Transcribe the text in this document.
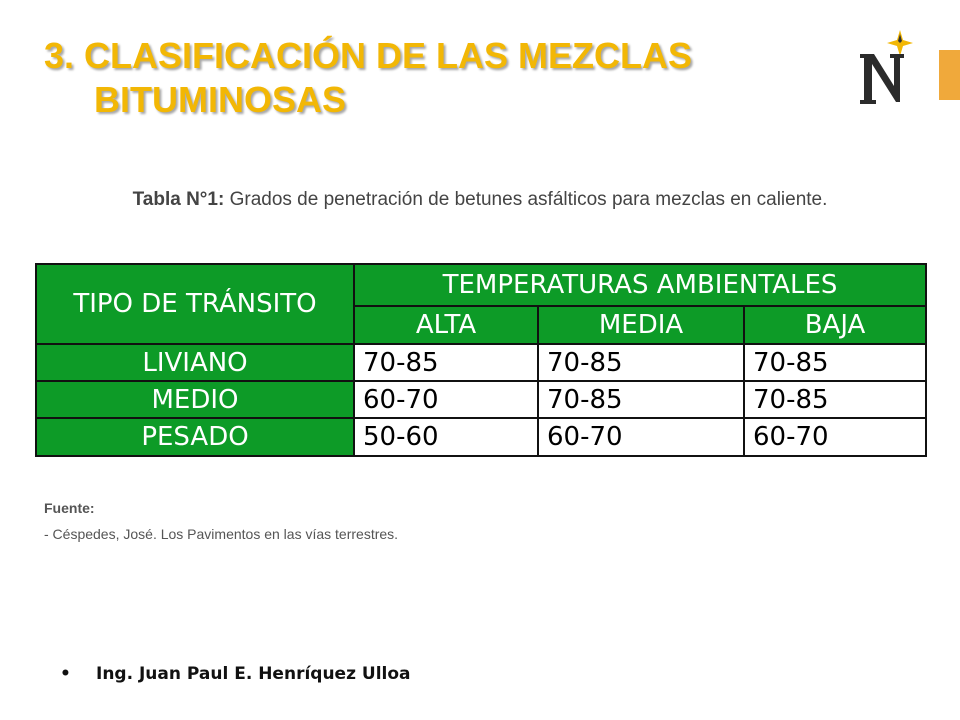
3. CLASIFICACIÓN DE LAS MEZCLAS
BITUMINOSAS

Tabla N°1: Grados de penetración de betunes asfálticos para mezclas en caliente.

TIPO DE TRÁNSITO	TEMPERATURAS AMBIENTALES		
	ALTA	MEDIA	BAJA
LIVIANO	70-85	70-85	70-85
MEDIO	60-70	70-85	70-85
PESADO	50-60	60-70	60-70
Fuente:
- Céspedes, José. Los Pavimentos en las vías terrestres.
• Ing. Juan Paul E. Henríquez Ulloa
